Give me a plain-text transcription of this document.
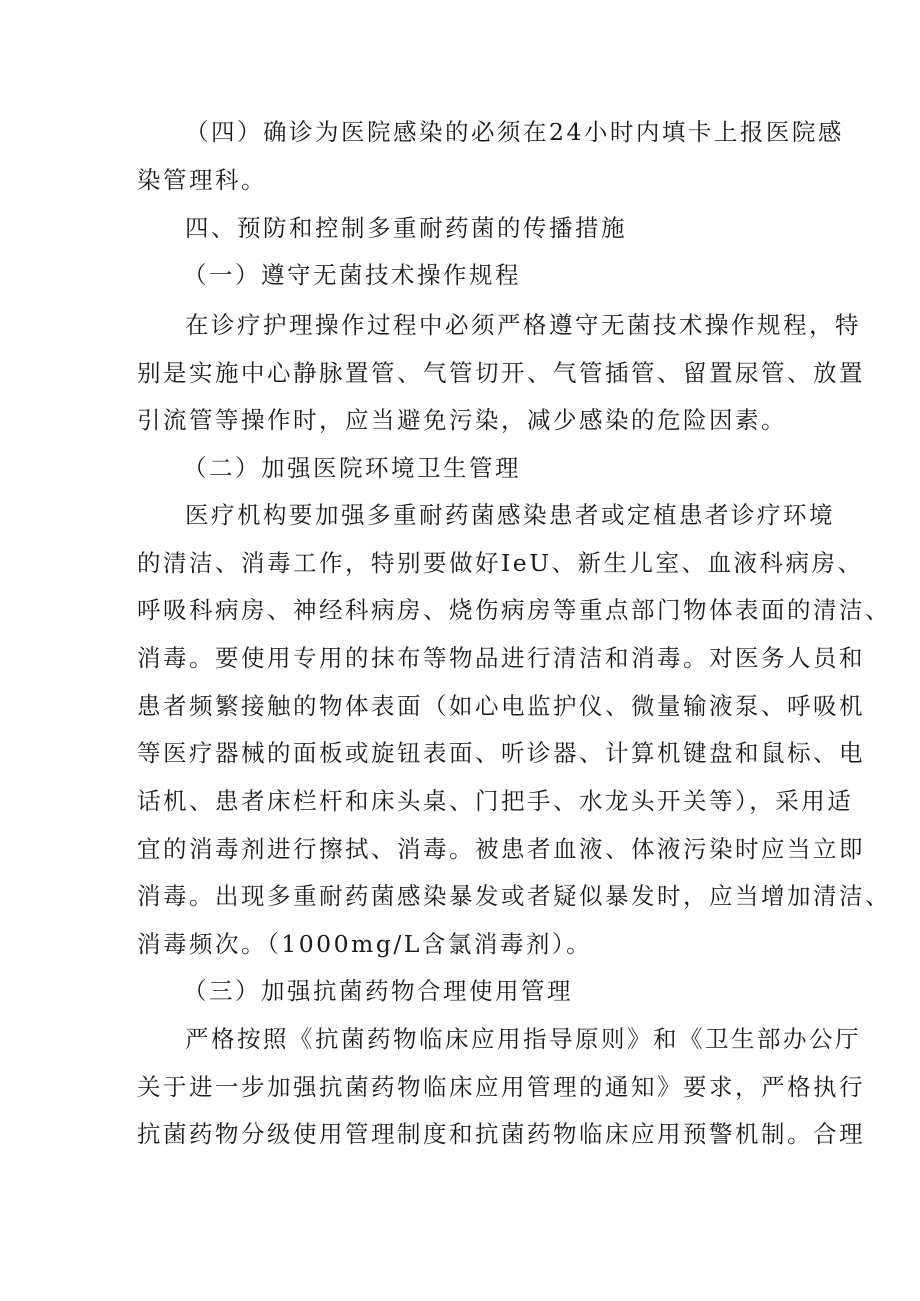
（四）确诊为医院感染的必须在24小时内填卡上报医院感
染管理科。
四、预防和控制多重耐药菌的传播措施
（一）遵守无菌技术操作规程
在诊疗护理操作过程中必须严格遵守无菌技术操作规程，特
别是实施中心静脉置管、气管切开、气管插管、留置尿管、放置
引流管等操作时，应当避免污染，减少感染的危险因素。
（二）加强医院环境卫生管理
医疗机构要加强多重耐药菌感染患者或定植患者诊疗环境
的清洁、消毒工作，特别要做好IeU、新生儿室、血液科病房、
呼吸科病房、神经科病房、烧伤病房等重点部门物体表面的清洁、
消毒。要使用专用的抹布等物品进行清洁和消毒。对医务人员和
患者频繁接触的物体表面（如心电监护仪、微量输液泵、呼吸机
等医疗器械的面板或旋钮表面、听诊器、计算机键盘和鼠标、电
话机、患者床栏杆和床头桌、门把手、水龙头开关等），采用适
宜的消毒剂进行擦拭、消毒。被患者血液、体液污染时应当立即
消毒。出现多重耐药菌感染暴发或者疑似暴发时，应当增加清洁、
消毒频次。（1000mg/L含氯消毒剂）。
（三）加强抗菌药物合理使用管理
严格按照《抗菌药物临床应用指导原则》和《卫生部办公厅
关于进一步加强抗菌药物临床应用管理的通知》要求，严格执行
抗菌药物分级使用管理制度和抗菌药物临床应用预警机制。合理
